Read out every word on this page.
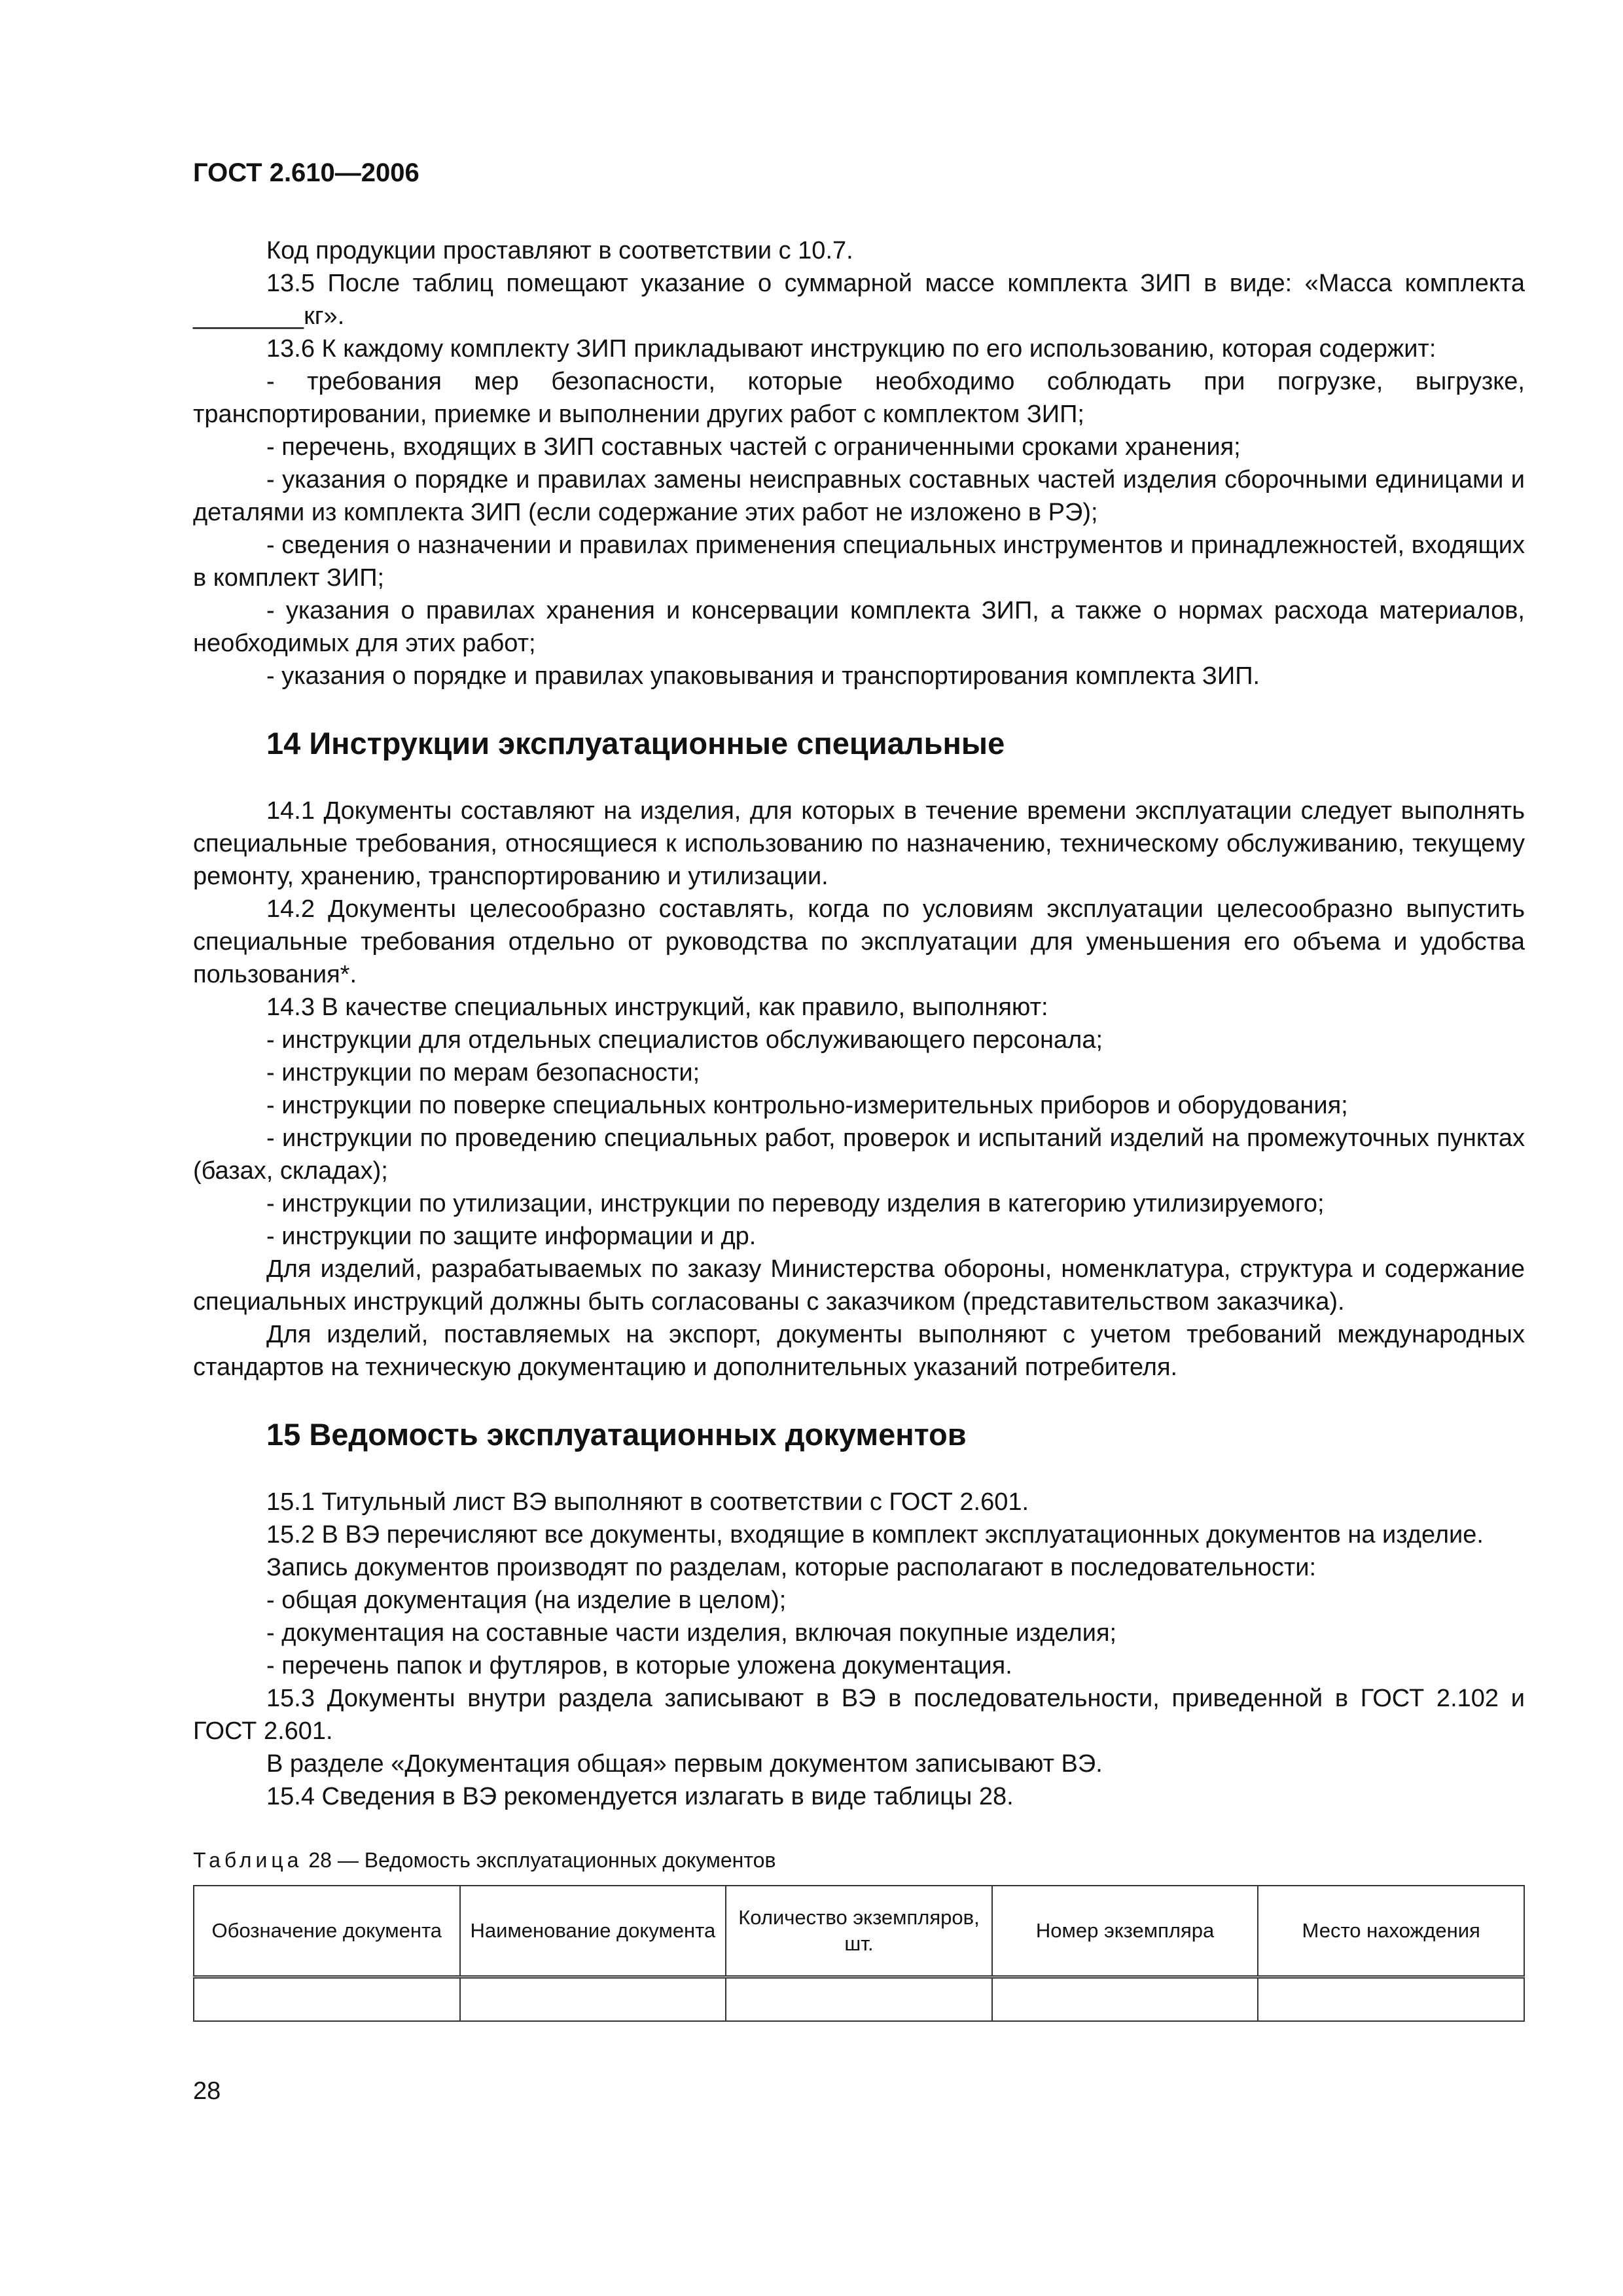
ГОСТ 2.610—2006

Код продукции проставляют в соответствии с 10.7.

13.5 После таблиц помещают указание о суммарной массе комплекта ЗИП в виде: «Масса комплекта ________кг».

13.6 К каждому комплекту ЗИП прикладывают инструкцию по его использованию, которая содержит:

- требования мер безопасности, которые необходимо соблюдать при погрузке, выгрузке, транспортировании, приемке и выполнении других работ с комплектом ЗИП;

- перечень, входящих в ЗИП составных частей с ограниченными сроками хранения;

- указания о порядке и правилах замены неисправных составных частей изделия сборочными единицами и деталями из комплекта ЗИП (если содержание этих работ не изложено в РЭ);

- сведения о назначении и правилах применения специальных инструментов и принадлежностей, входящих в комплект ЗИП;

- указания о правилах хранения и консервации комплекта ЗИП, а также о нормах расхода материалов, необходимых для этих работ;

- указания о порядке и правилах упаковывания и транспортирования комплекта ЗИП.

14 Инструкции эксплуатационные специальные

14.1 Документы составляют на изделия, для которых в течение времени эксплуатации следует выполнять специальные требования, относящиеся к использованию по назначению, техническому обслуживанию, текущему ремонту, хранению, транспортированию и утилизации.

14.2 Документы целесообразно составлять, когда по условиям эксплуатации целесообразно выпустить специальные требования отдельно от руководства по эксплуатации для уменьшения его объема и удобства пользования*.

14.3 В качестве специальных инструкций, как правило, выполняют:

- инструкции для отдельных специалистов обслуживающего персонала;

- инструкции по мерам безопасности;

- инструкции по поверке специальных контрольно-измерительных приборов и оборудования;

- инструкции по проведению специальных работ, проверок и испытаний изделий на промежуточных пунктах (базах, складах);

- инструкции по утилизации, инструкции по переводу изделия в категорию утилизируемого;

- инструкции по защите информации и др.

Для изделий, разрабатываемых по заказу Министерства обороны, номенклатура, структура и содержание специальных инструкций должны быть согласованы с заказчиком (представительством заказчика).

Для изделий, поставляемых на экспорт, документы выполняют с учетом требований международных стандартов на техническую документацию и дополнительных указаний потребителя.

15 Ведомость эксплуатационных документов

15.1 Титульный лист ВЭ выполняют в соответствии с ГОСТ 2.601.

15.2 В ВЭ перечисляют все документы, входящие в комплект эксплуатационных документов на изделие.

Запись документов производят по разделам, которые располагают в последовательности:

- общая документация (на изделие в целом);

- документация на составные части изделия, включая покупные изделия;

- перечень папок и футляров, в которые уложена документация.

15.3 Документы внутри раздела записывают в ВЭ в последовательности, приведенной в ГОСТ 2.102 и ГОСТ 2.601.

В разделе «Документация общая» первым документом записывают ВЭ.

15.4 Сведения в ВЭ рекомендуется излагать в виде таблицы 28.

Таблица 28 — Ведомость эксплуатационных документов
Обозначение документа	Наименование документа	Количество экземпляров, шт.	Номер экземпляра	Место нахождения

28
